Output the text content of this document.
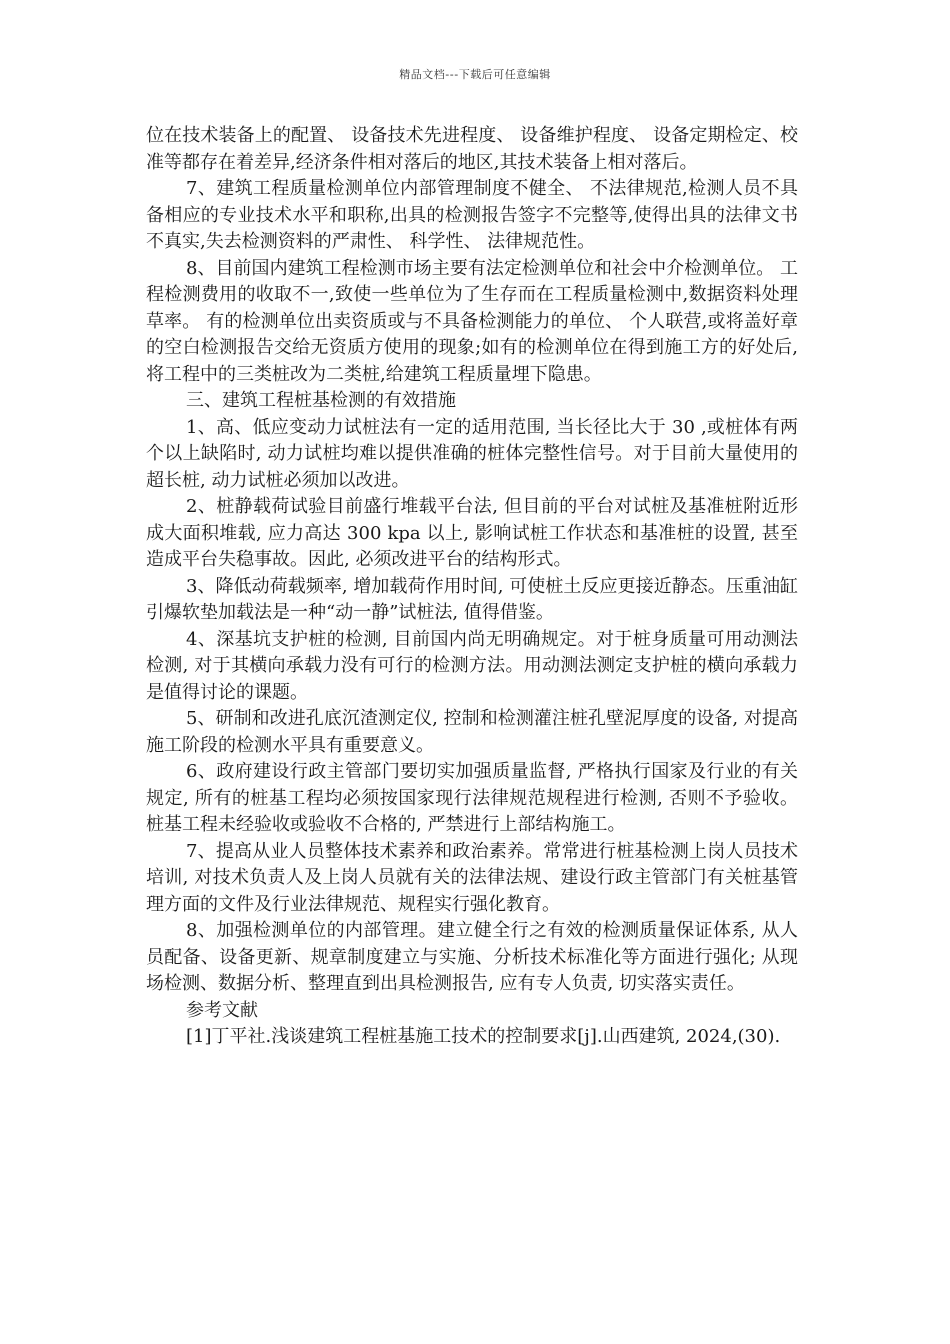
精品文档---下载后可任意编辑

位在技术装备上的配置、 设备技术先进程度、 设备维护程度、 设备定期检定、校准等都存在着差异,经济条件相对落后的地区,其技术装备上相对落后。

7、建筑工程质量检测单位内部管理制度不健全、 不法律规范,检测人员不具备相应的专业技术水平和职称,出具的检测报告签字不完整等,使得出具的法律文书不真实,失去检测资料的严肃性、 科学性、 法律规范性。

8、目前国内建筑工程检测市场主要有法定检测单位和社会中介检测单位。 工程检测费用的收取不一,致使一些单位为了生存而在工程质量检测中,数据资料处理草率。 有的检测单位出卖资质或与不具备检测能力的单位、 个人联营,或将盖好章的空白检测报告交给无资质方使用的现象;如有的检测单位在得到施工方的好处后,将工程中的三类桩改为二类桩,给建筑工程质量埋下隐患。

三、建筑工程桩基检测的有效措施

1、高、低应变动力试桩法有一定的适用范围, 当长径比大于 30 ,或桩体有两个以上缺陷时, 动力试桩均难以提供准确的桩体完整性信号。对于目前大量使用的超长桩, 动力试桩必须加以改进。

2、桩静载荷试验目前盛行堆载平台法, 但目前的平台对试桩及基准桩附近形成大面积堆载, 应力高达 300 kpa 以上, 影响试桩工作状态和基准桩的设置, 甚至造成平台失稳事故。因此, 必须改进平台的结构形式。

3、降低动荷载频率, 增加载荷作用时间, 可使桩土反应更接近静态。压重油缸引爆软垫加载法是一种“动一静”试桩法, 值得借鉴。

4、深基坑支护桩的检测, 目前国内尚无明确规定。对于桩身质量可用动测法检测, 对于其横向承载力没有可行的检测方法。用动测法测定支护桩的横向承载力是值得讨论的课题。

5、研制和改进孔底沉渣测定仪, 控制和检测灌注桩孔壁泥厚度的设备, 对提高施工阶段的检测水平具有重要意义。

6、政府建设行政主管部门要切实加强质量监督, 严格执行国家及行业的有关规定, 所有的桩基工程均必须按国家现行法律规范规程进行检测, 否则不予验收。桩基工程未经验收或验收不合格的, 严禁进行上部结构施工。

7、提高从业人员整体技术素养和政治素养。常常进行桩基检测上岗人员技术培训, 对技术负责人及上岗人员就有关的法律法规、建设行政主管部门有关桩基管理方面的文件及行业法律规范、规程实行强化教育。

8、加强检测单位的内部管理。建立健全行之有效的检测质量保证体系, 从人员配备、设备更新、规章制度建立与实施、分析技术标准化等方面进行强化; 从现场检测、数据分析、整理直到出具检测报告, 应有专人负责, 切实落实责任。

参考文献

[1]丁平社.浅谈建筑工程桩基施工技术的控制要求[j].山西建筑, 2024,(30).
